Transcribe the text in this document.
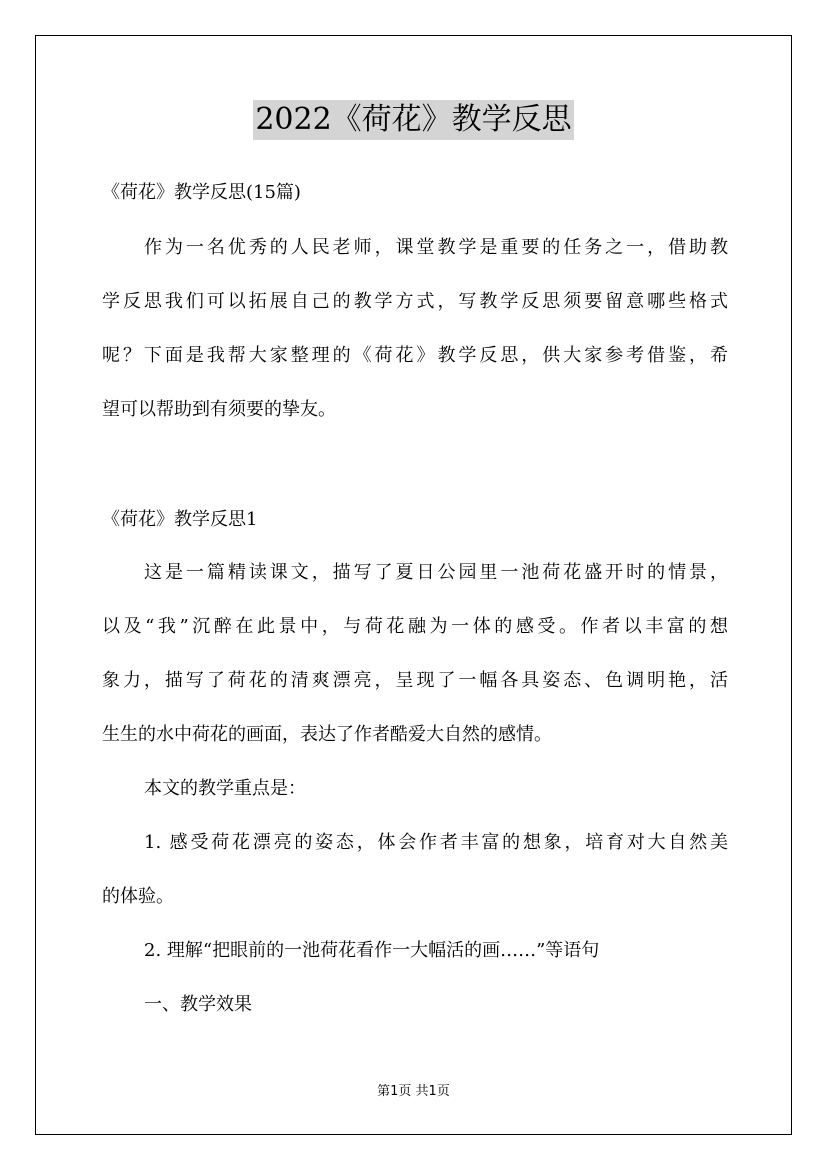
2022《荷花》教学反思
《荷花》教学反思(15篇)
作为一名优秀的人民老师，课堂教学是重要的任务之一，借助教
学反思我们可以拓展自己的教学方式，写教学反思须要留意哪些格式
呢？下面是我帮大家整理的《荷花》教学反思，供大家参考借鉴，希
望可以帮助到有须要的挚友。
《荷花》教学反思1
这是一篇精读课文，描写了夏日公园里一池荷花盛开时的情景，
以及“我”沉醉在此景中，与荷花融为一体的感受。作者以丰富的想
象力，描写了荷花的清爽漂亮，呈现了一幅各具姿态、色调明艳，活
生生的水中荷花的画面，表达了作者酷爱大自然的感情。
本文的教学重点是：
1. 感受荷花漂亮的姿态，体会作者丰富的想象，培育对大自然美
的体验。
2. 理解“把眼前的一池荷花看作一大幅活的画……”等语句
一、教学效果
第1页 共1页
